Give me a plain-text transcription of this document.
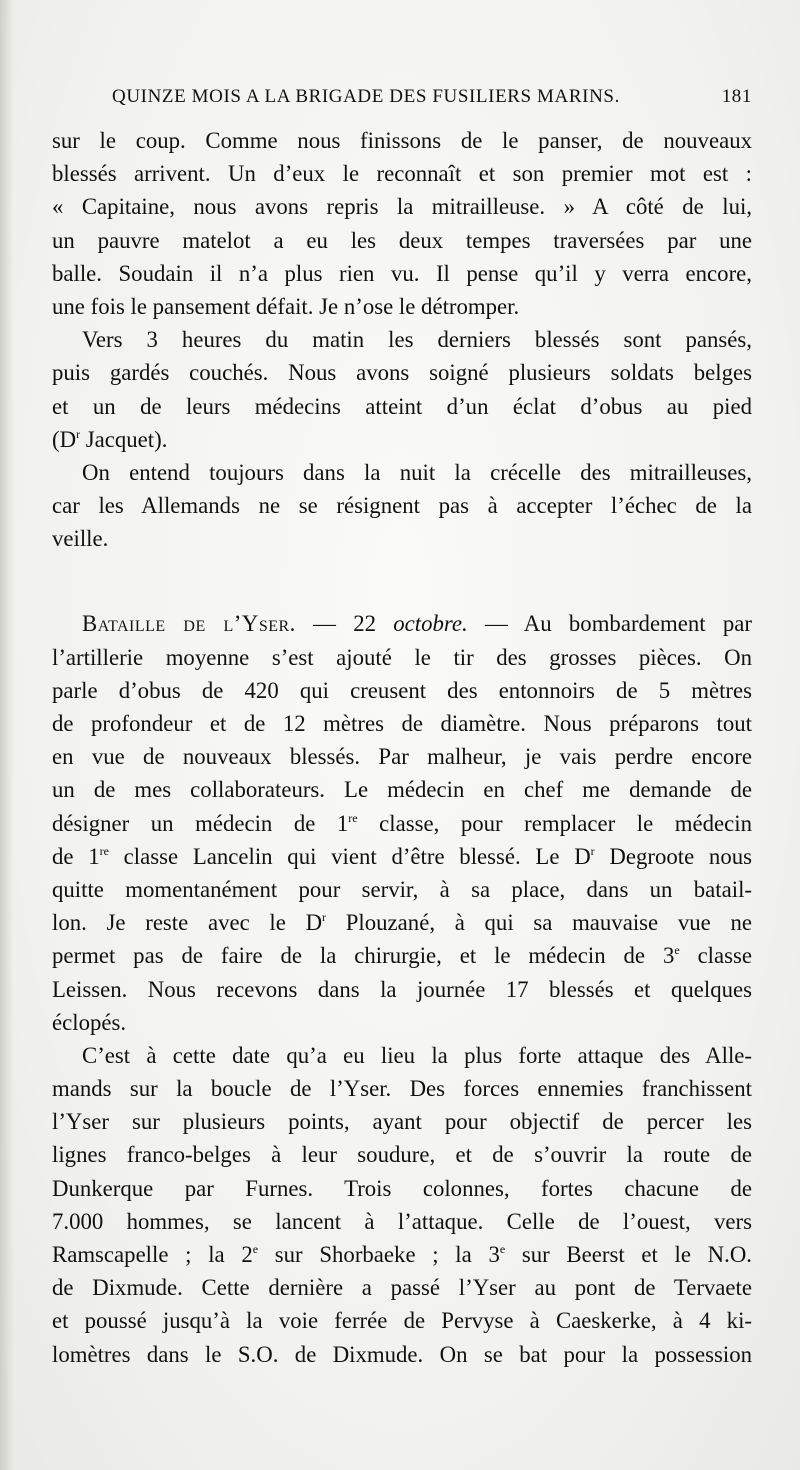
QUINZE MOIS A LA BRIGADE DES FUSILIERS MARINS.	181
sur le coup. Comme nous finissons de le panser, de nouveaux
blessés arrivent. Un d’eux le reconnaît et son premier mot est :
« Capitaine, nous avons repris la mitrailleuse. » A côté de lui,
un pauvre matelot a eu les deux tempes traversées par une
balle. Soudain il n’a plus rien vu. Il pense qu’il y verra encore,
une fois le pansement défait. Je n’ose le détromper.
Vers 3 heures du matin les derniers blessés sont pansés,
puis gardés couchés. Nous avons soigné plusieurs soldats belges
et un de leurs médecins atteint d’un éclat d’obus au pied
($D^r$ Jacquet).
On entend toujours dans la nuit la crécelle des mitrailleuses,
car les Allemands ne se résignent pas à accepter l’échec de la
veille.
Bataille de l’Yser. — 22 octobre. — Au bombardement par
l’artillerie moyenne s’est ajouté le tir des grosses pièces. On
parle d’obus de 420 qui creusent des entonnoirs de 5 mètres
de profondeur et de 12 mètres de diamètre. Nous préparons tout
en vue de nouveaux blessés. Par malheur, je vais perdre encore
un de mes collaborateurs. Le médecin en chef me demande de
désigner un médecin de 1re classe, pour remplacer le médecin
de 1re classe Lancelin qui vient d’être blessé. Le $D^r$ Degroote nous
quitte momentanément pour servir, à sa place, dans un batail-
lon. Je reste avec le $D^r$ Plouzané, à qui sa mauvaise vue ne
permet pas de faire de la chirurgie, et le médecin de 3e classe
Leissen. Nous recevons dans la journée 17 blessés et quelques
éclopés.
C’est à cette date qu’a eu lieu la plus forte attaque des Alle-
mands sur la boucle de l’Yser. Des forces ennemies franchissent
l’Yser sur plusieurs points, ayant pour objectif de percer les
lignes franco-belges à leur soudure, et de s’ouvrir la route de
Dunkerque par Furnes. Trois colonnes, fortes chacune de
7.000 hommes, se lancent à l’attaque. Celle de l’ouest, vers
Ramscapelle ; la 2e sur Shorbaeke ; la 3e sur Beerst et le N.O.
de Dixmude. Cette dernière a passé l’Yser au pont de Tervaete
et poussé jusqu’à la voie ferrée de Pervyse à Caeskerke, à 4 ki-
lomètres dans le S.O. de Dixmude. On se bat pour la possession
